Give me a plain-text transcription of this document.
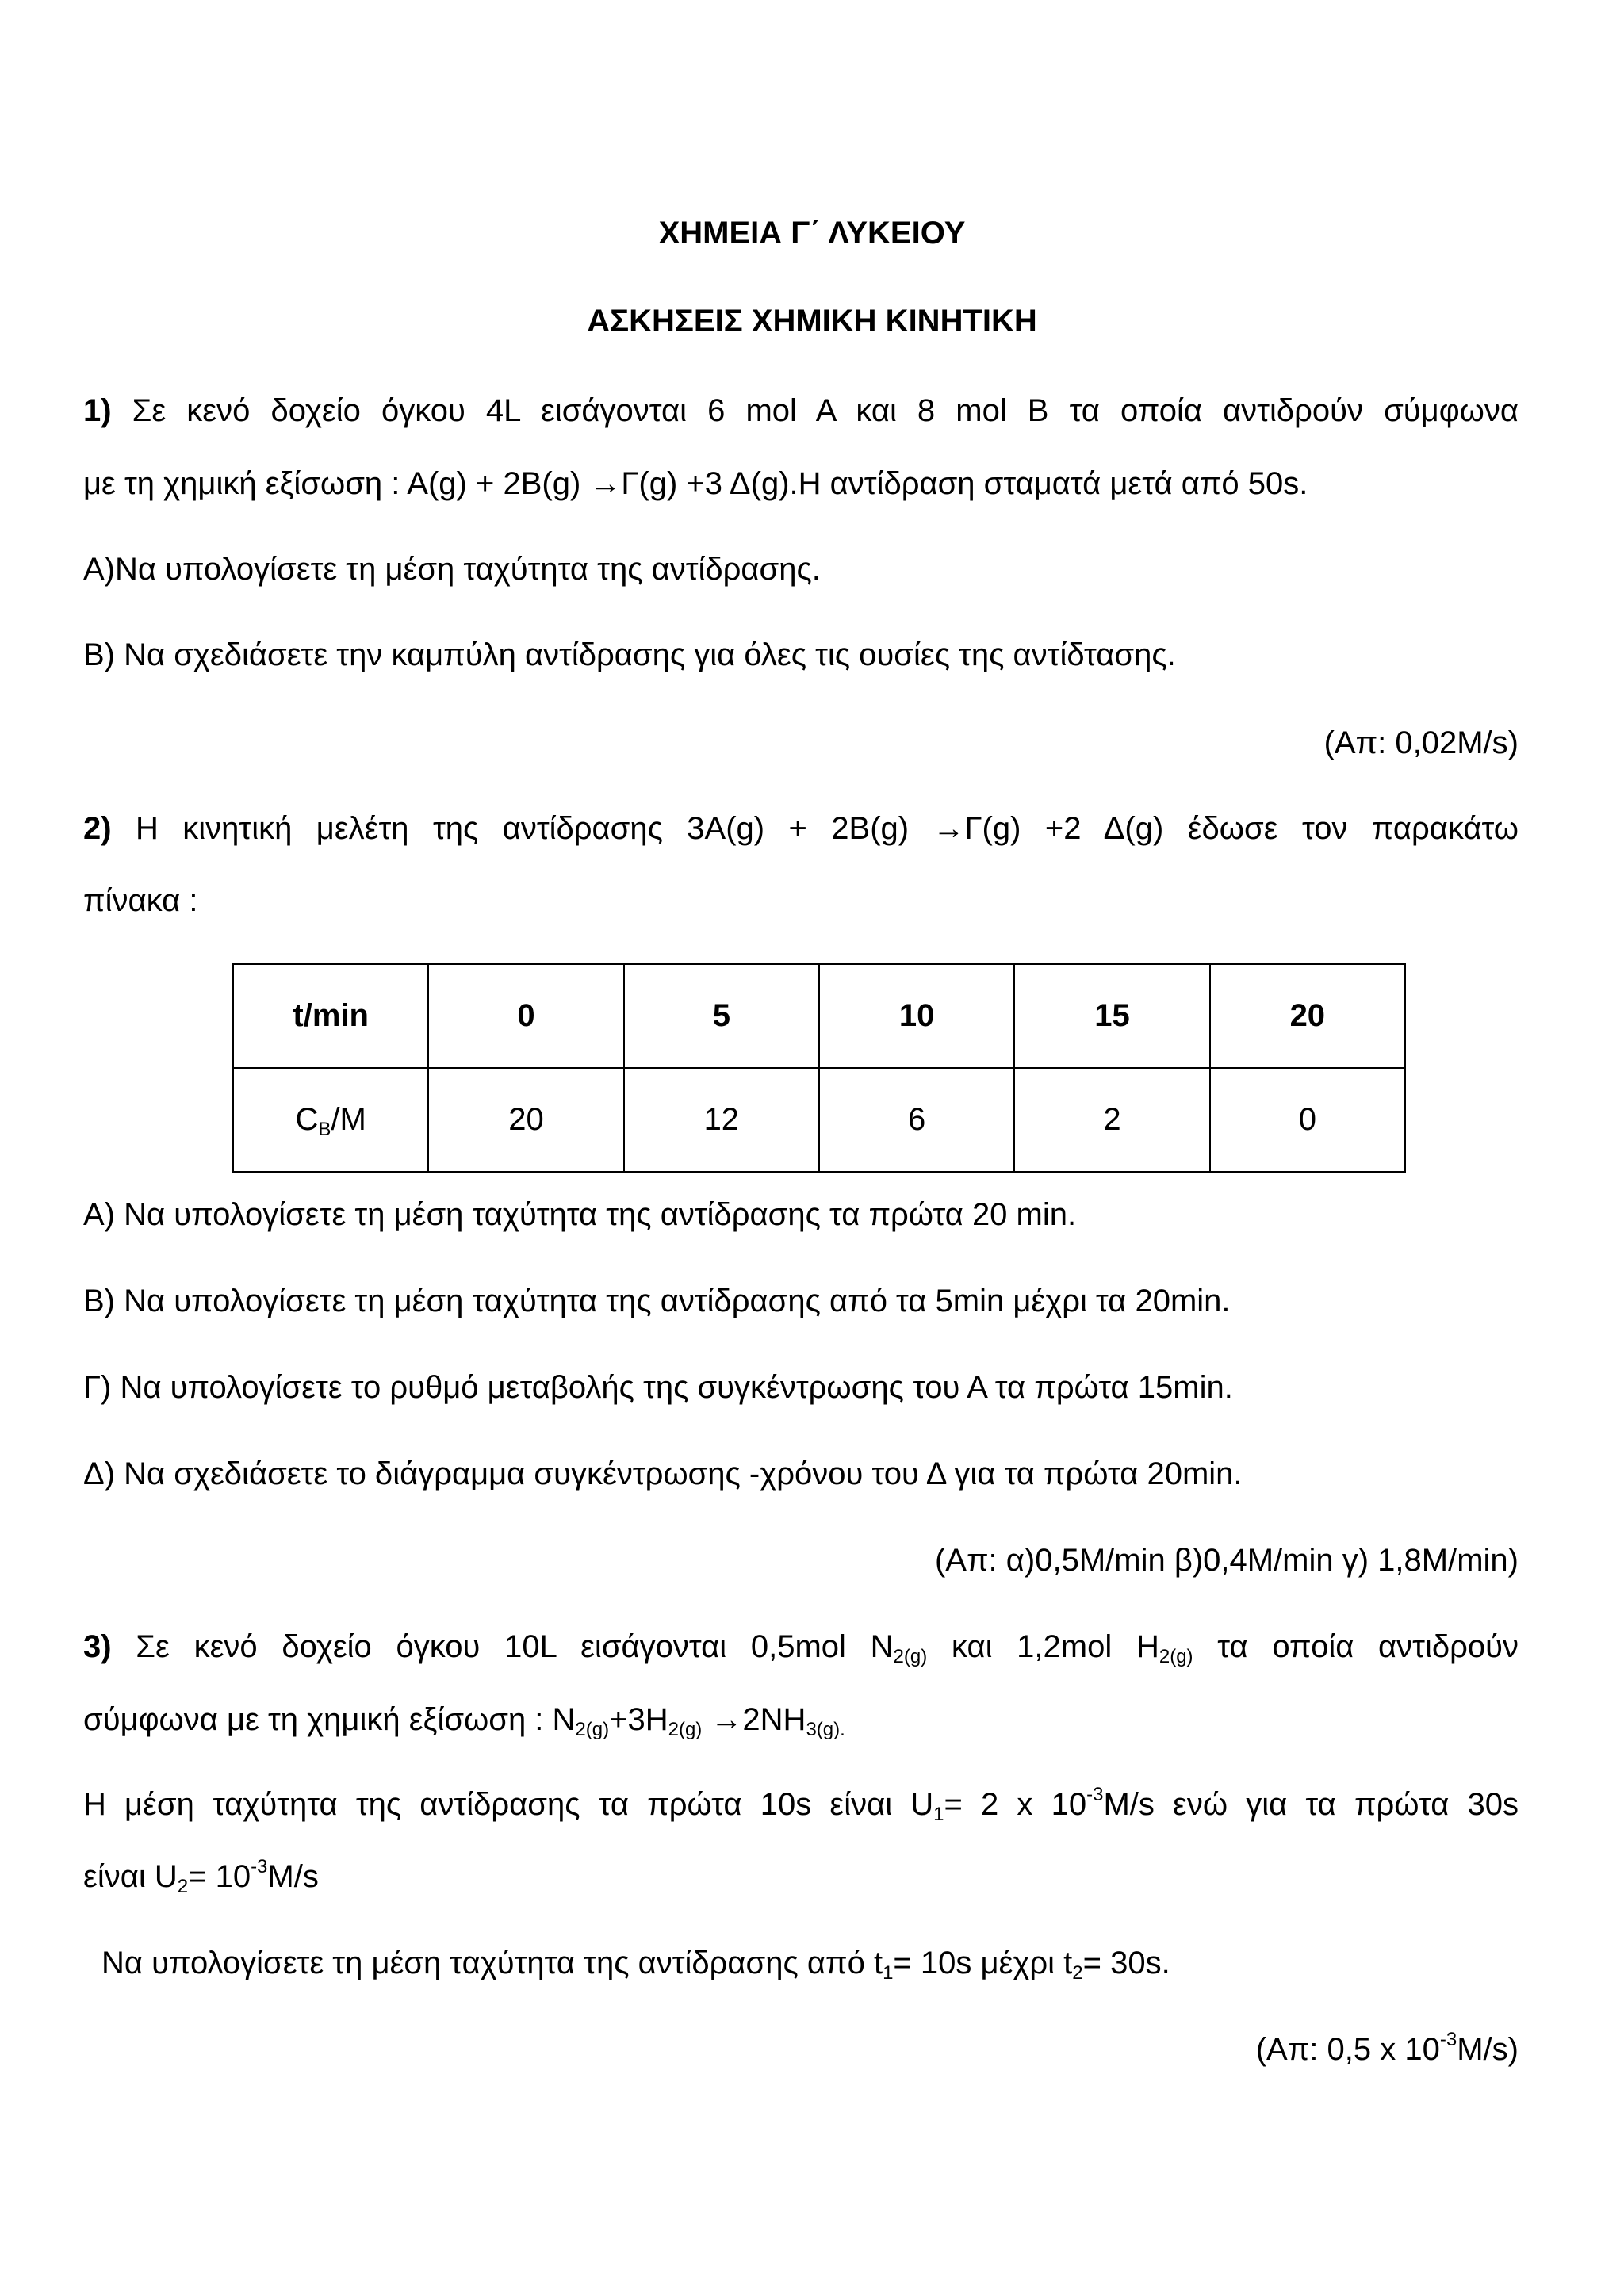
ΧΗΜΕΙΑ Γ΄ ΛΥΚΕΙΟΥ
ΑΣΚΗΣΕΙΣ ΧΗΜΙΚΗ ΚΙΝΗΤΙΚΗ
1) Σε κενό δοχείο όγκου 4L εισάγονται 6 mol A και 8 mol B τα οποία αντιδρούν σύμφωνα
με τη χημική εξίσωση : Α(g) + 2B(g) →Γ(g) +3 Δ(g).Η αντίδραση σταματά μετά από 50s.
Α)Να υπολογίσετε τη μέση ταχύτητα της αντίδρασης.
Β) Να σχεδιάσετε την καμπύλη αντίδρασης για όλες τις ουσίες της αντίδτασης.
(Απ: 0,02Μ/s)
2) Η κινητική μελέτη της αντίδρασης 3Α(g) + 2B(g) →Γ(g) +2 Δ(g) έδωσε τον παρακάτω
πίνακα :
t/min	0	5	10	15	20
$C_B/M$	20	12	6	2	0
Α) Να υπολογίσετε τη μέση ταχύτητα της αντίδρασης τα πρώτα 20 min.
Β) Να υπολογίσετε τη μέση ταχύτητα της αντίδρασης από τα 5min μέχρι τα 20min.
Γ) Να υπολογίσετε το ρυθμό μεταβολής της συγκέντρωσης του Α τα πρώτα 15min.
Δ) Να σχεδιάσετε το διάγραμμα συγκέντρωσης -χρόνου του Δ για τα πρώτα 20min.
(Απ: α)0,5Μ/min β)0,4Μ/min γ) 1,8Μ/min)
3) Σε κενό δοχείο όγκου 10L εισάγονται 0,5mol $N_{2(g)}$ και 1,2mol $H_{2(g)}$ τα οποία αντιδρούν
σύμφωνα με τη χημική εξίσωση : $N_{2(g)}+3H_{2(g)} \to 2NH_{3(g).}$
Η μέση ταχύτητα της αντίδρασης τα πρώτα 10s είναι $U_1= 2$ x $10^{-3}M/s$ ενώ για τα πρώτα 30s
είναι $U_2= 10^{-3}M/s$
Να υπολογίσετε τη μέση ταχύτητα της αντίδρασης από $t_1= 10s$ μέχρι $t_2= 30s$.
(Απ: 0,5 x $10^{-3}M/s$)
